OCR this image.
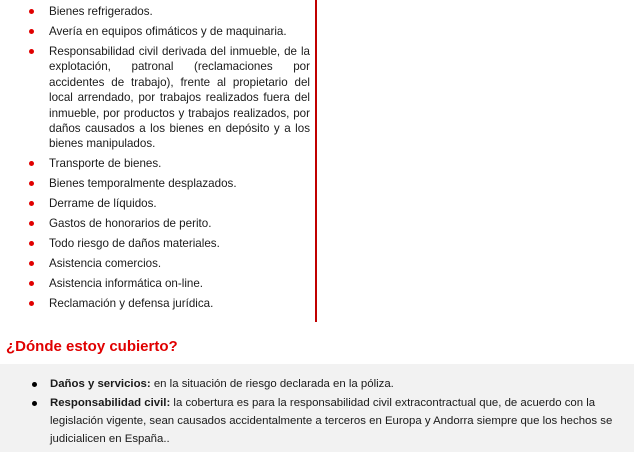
Bienes refrigerados.
Avería en equipos ofimáticos y de maquinaria.
Responsabilidad civil derivada del inmueble, de la explotación, patronal (reclamaciones por accidentes de trabajo), frente al propietario del local arrendado, por trabajos realizados fuera del inmueble, por productos y trabajos realizados, por daños causados a los bienes en depósito y a los bienes manipulados.
Transporte de bienes.
Bienes temporalmente desplazados.
Derrame de líquidos.
Gastos de honorarios de perito.
Todo riesgo de daños materiales.
Asistencia comercios.
Asistencia informática on-line.
Reclamación y defensa jurídica.
¿Dónde estoy cubierto?
Daños y servicios: en la situación de riesgo declarada en la póliza.
Responsabilidad civil: la cobertura es para la responsabilidad civil extracontractual que, de acuerdo con la legislación vigente, sean causados accidentalmente a terceros en Europa y Andorra siempre que los hechos se judicialicen en España..
